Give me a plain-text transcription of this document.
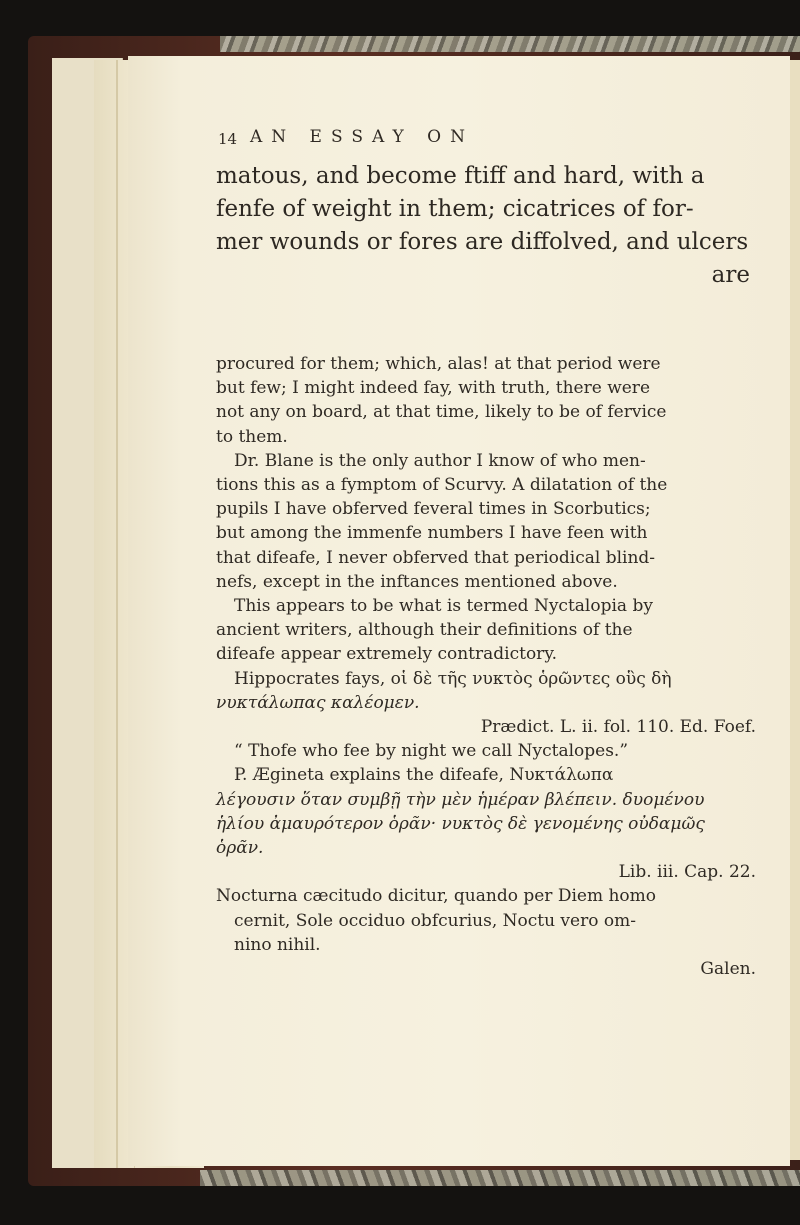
14 AN ESSAY ON
matous, and become ftiff and hard, with a
fenfe of weight in them; cicatrices of for-
mer wounds or fores are diffolved, and ulcers
are
procured for them; which, alas! at that period were
but few; I might indeed fay, with truth, there were
not any on board, at that time, likely to be of fervice
to them.
Dr. Blane is the only author I know of who men-
tions this as a fymptom of Scurvy. A dilatation of the
pupils I have obferved feveral times in Scorbutics;
but among the immenfe numbers I have feen with
that difeafe, I never obferved that periodical blind-
nefs, except in the inftances mentioned above.
This appears to be what is termed Nyctalopia by
ancient writers, although their definitions of the
difeafe appear extremely contradictory.
Hippocrates fays, οἱ δὲ τῆς νυκτὸς ὁρῶντες οὓς δὴ
νυκτάλωπας καλέομεν.
Prædict. L. ii. fol. 110. Ed. Foef.
“ Thofe who fee by night we call Nyctalopes.”
P. Ægineta explains the difeafe, Νυκτάλωπα
λέγουσιν ὅταν συμβῇ τὴν μὲν ἡμέραν βλέπειν. δυομένου
ἡλίου ἀμαυρότερον ὁρᾶν· νυκτὸς δὲ γενομένης οὐδαμῶς
ὁρᾶν.
Lib. iii. Cap. 22.
Nocturna cæcitudo dicitur, quando per Diem homo
cernit, Sole occiduo obfcurius, Noctu vero om-
nino nihil.
Galen.
